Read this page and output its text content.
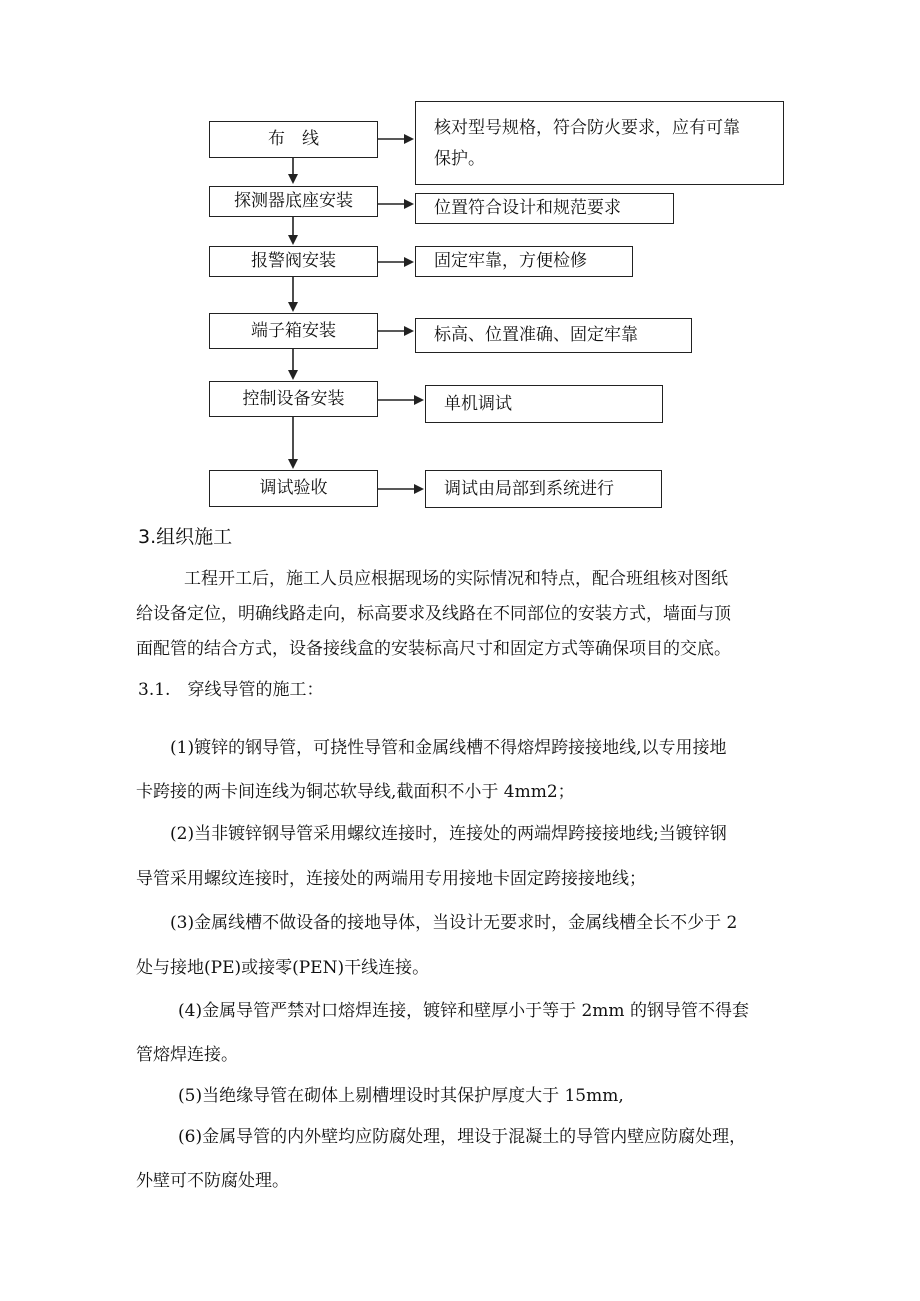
布　线
探测器底座安装
报警阀安装
端子箱安装
控制设备安装
调试验收
核对型号规格，符合防火要求，应有可靠
保护。
位置符合设计和规范要求
固定牢靠，方便检修
标高、位置准确、固定牢靠
单机调试
调试由局部到系统进行
3.组织施工

工程开工后，施工人员应根据现场的实际情况和特点，配合班组核对图纸
给设备定位，明确线路走向，标高要求及线路在不同部位的安装方式，墙面与顶
面配管的结合方式，设备接线盒的安装标高尺寸和固定方式等确保项目的交底。

3.1.　穿线导管的施工：

(1)镀锌的钢导管，可挠性导管和金属线槽不得熔焊跨接接地线,以专用接地
卡跨接的两卡间连线为铜芯软导线,截面积不小于 4mm2；

(2)当非镀锌钢导管采用螺纹连接时，连接处的两端焊跨接接地线;当镀锌钢
导管采用螺纹连接时，连接处的两端用专用接地卡固定跨接接地线；

(3)金属线槽不做设备的接地导体，当设计无要求时，金属线槽全长不少于 2
处与接地(PE)或接零(PEN)干线连接。

(4)金属导管严禁对口熔焊连接，镀锌和壁厚小于等于 2mm 的钢导管不得套
管熔焊连接。

(5)当绝缘导管在砌体上剔槽埋设时其保护厚度大于 15mm,

(6)金属导管的内外壁均应防腐处理，埋设于混凝土的导管内壁应防腐处理，
外壁可不防腐处理。
